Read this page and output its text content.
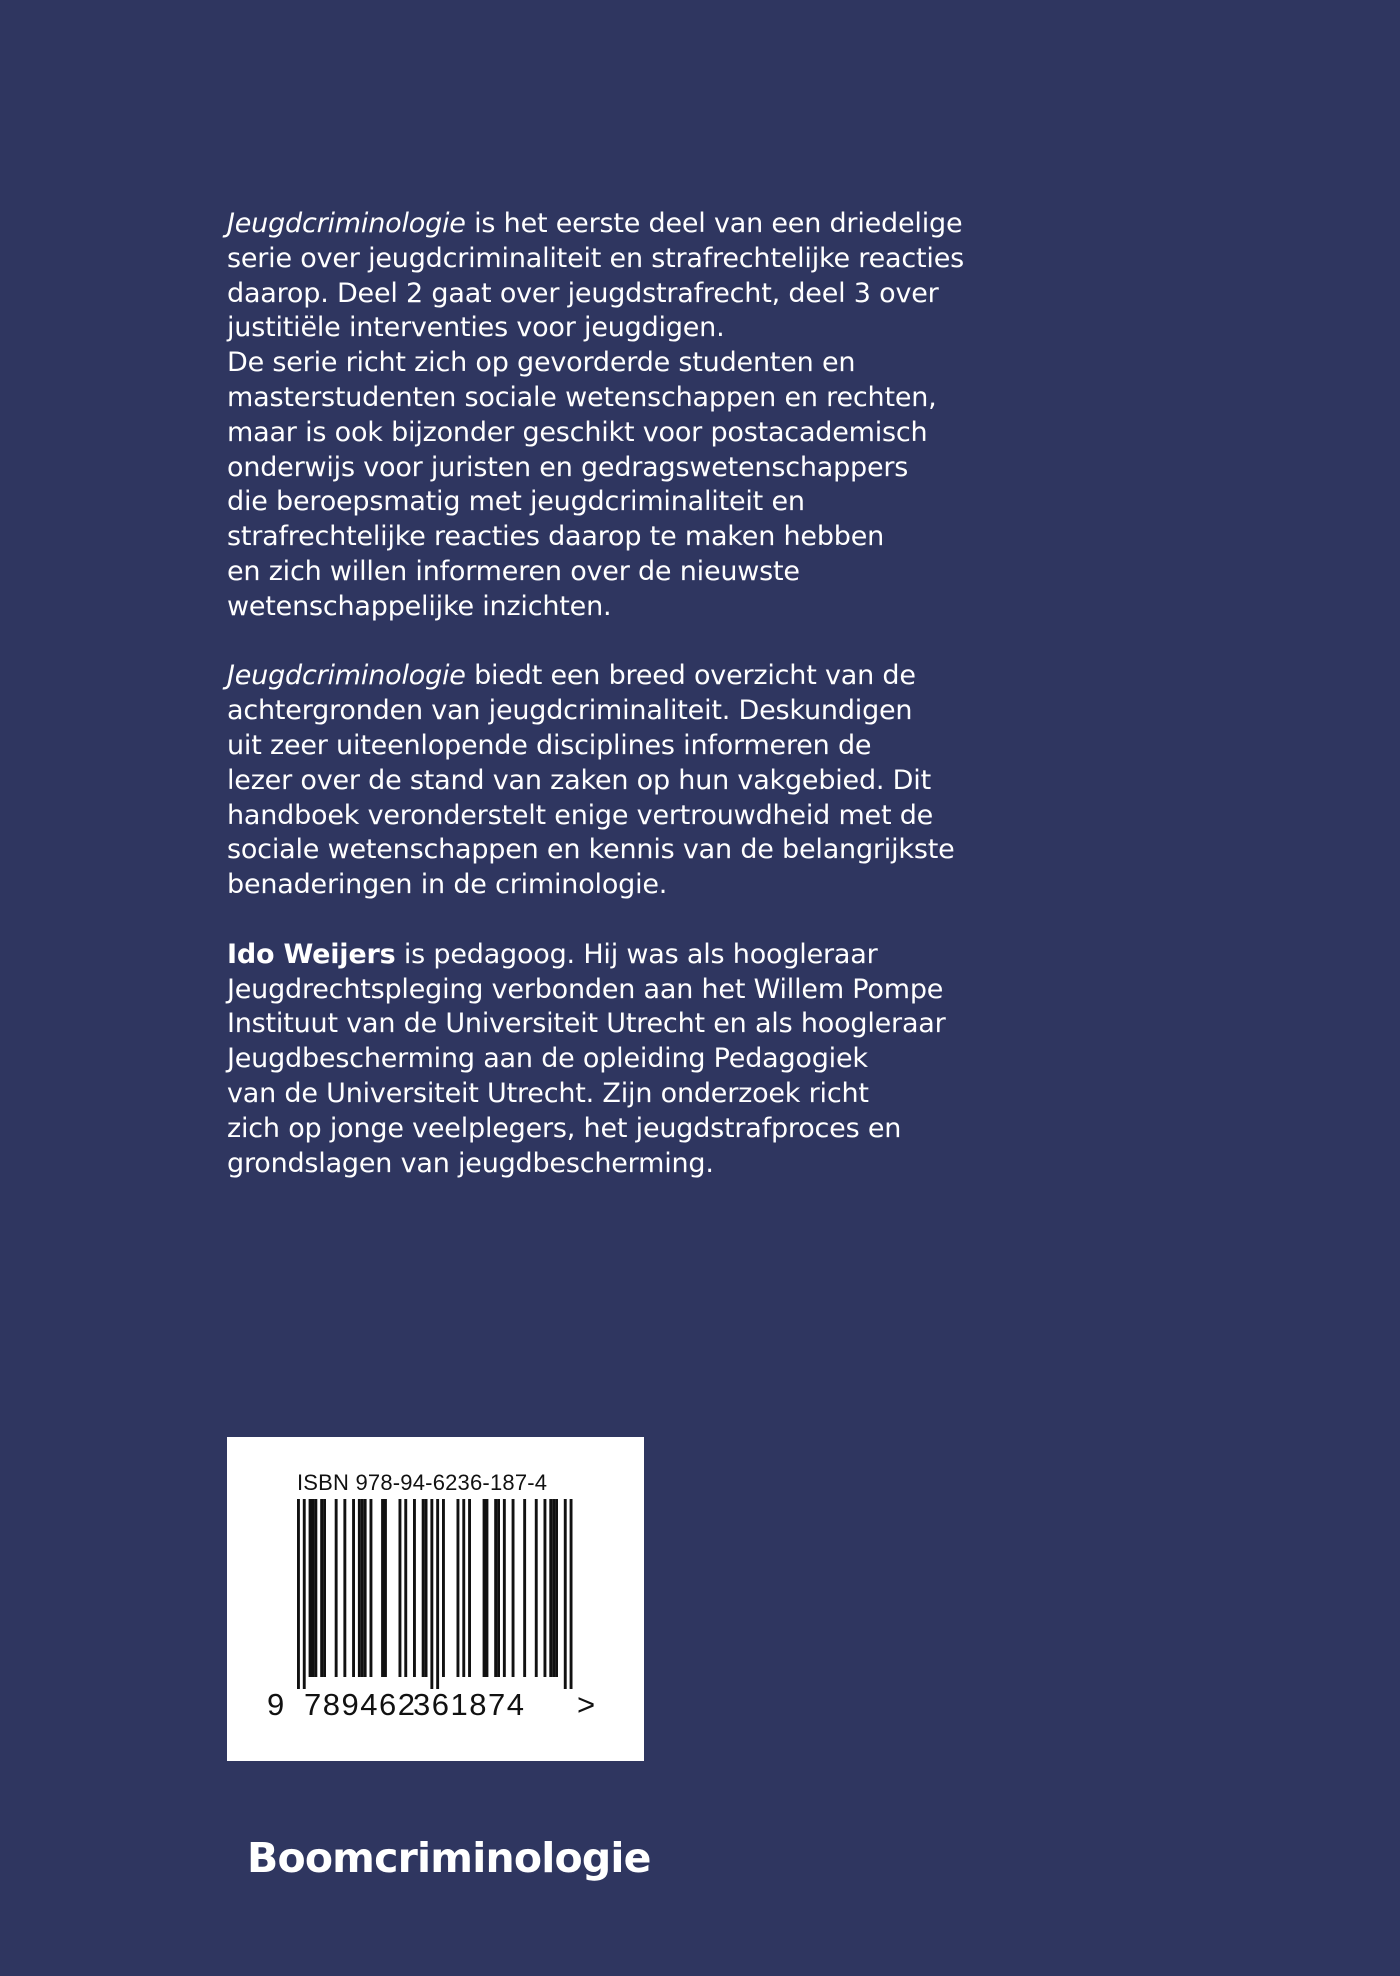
Jeugdcriminologie is het eerste deel van een driedelige
serie over jeugdcriminaliteit en strafrechtelijke reacties
daarop. Deel 2 gaat over jeugdstrafrecht, deel 3 over
justitiële interventies voor jeugdigen.
De serie richt zich op gevorderde studenten en
masterstudenten sociale wetenschappen en rechten,
maar is ook bijzonder geschikt voor postacademisch
onderwijs voor juristen en gedragswetenschappers
die beroepsmatig met jeugdcriminaliteit en
strafrechtelijke reacties daarop te maken hebben
en zich willen informeren over de nieuwste
wetenschappelijke inzichten.

Jeugdcriminologie biedt een breed overzicht van de
achtergronden van jeugdcriminaliteit. Deskundigen
uit zeer uiteenlopende disciplines informeren de
lezer over de stand van zaken op hun vakgebied. Dit
handboek veronderstelt enige vertrouwdheid met de
sociale wetenschappen en kennis van de belangrijkste
benaderingen in de criminologie.

Ido Weijers is pedagoog. Hij was als hoogleraar
Jeugdrechtspleging verbonden aan het Willem Pompe
Instituut van de Universiteit Utrecht en als hoogleraar
Jeugdbescherming aan de opleiding Pedagogiek
van de Universiteit Utrecht. Zijn onderzoek richt
zich op jonge veelplegers, het jeugdstrafproces en
grondslagen van jeugdbescherming.

ISBN 978-94-6236-187-4
9 789462
361874 >
Boomcriminologie
